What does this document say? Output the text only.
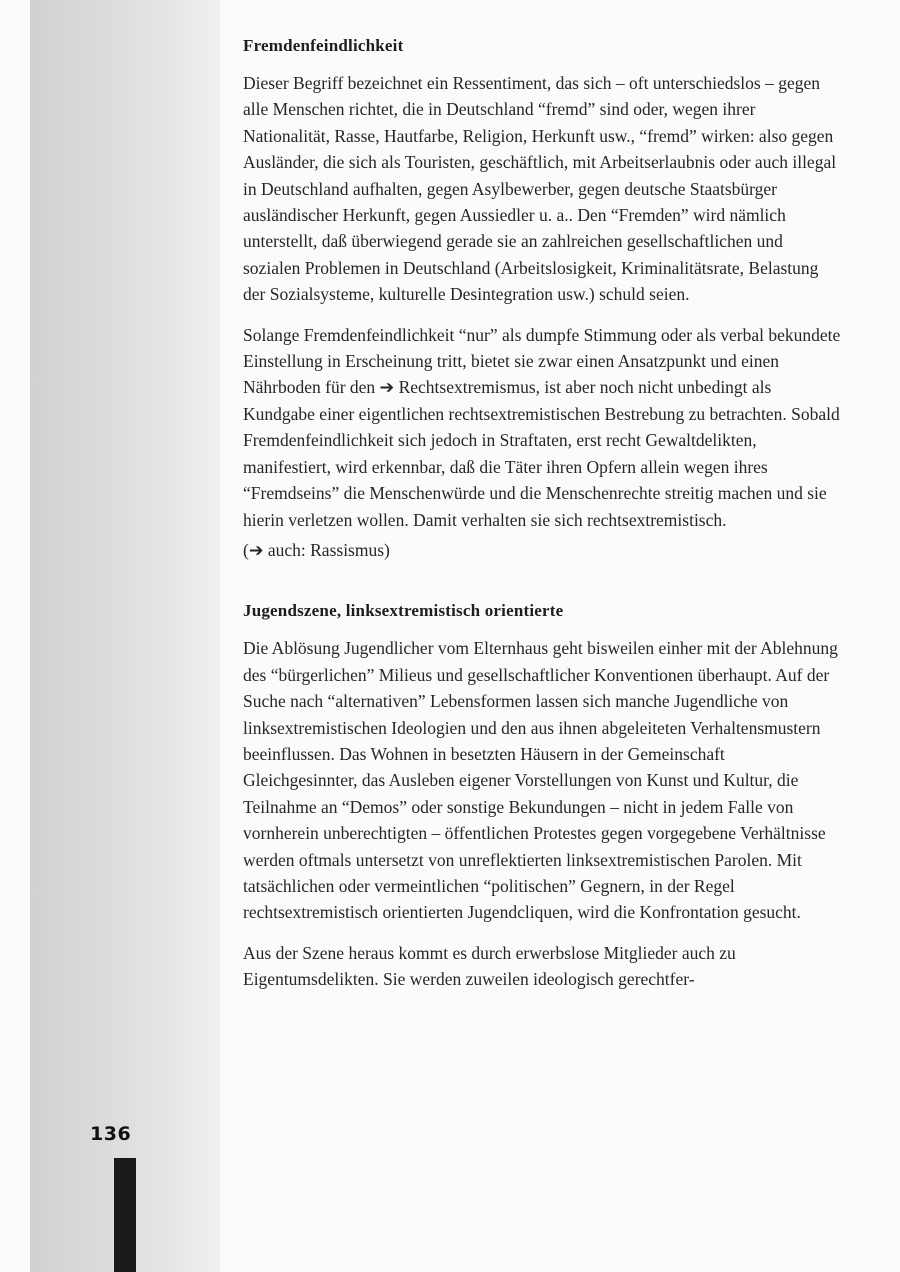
Fremdenfeindlichkeit

Dieser Begriff bezeichnet ein Ressentiment, das sich – oft unterschiedslos – gegen alle Menschen richtet, die in Deutschland “fremd” sind oder, wegen ihrer Nationalität, Rasse, Hautfarbe, Religion, Herkunft usw., “fremd” wirken: also gegen Ausländer, die sich als Touristen, geschäftlich, mit Arbeitserlaubnis oder auch illegal in Deutschland aufhalten, gegen Asylbewerber, gegen deutsche Staatsbürger ausländischer Herkunft, gegen Aussiedler u. a.. Den “Fremden” wird nämlich unterstellt, daß überwiegend gerade sie an zahlreichen gesellschaftlichen und sozialen Problemen in Deutschland (Arbeitslosigkeit, Kriminalitätsrate, Belastung der Sozialsysteme, kulturelle Desintegration usw.) schuld seien.

Solange Fremdenfeindlichkeit “nur” als dumpfe Stimmung oder als verbal bekundete Einstellung in Erscheinung tritt, bietet sie zwar einen Ansatzpunkt und einen Nährboden für den ➔ Rechtsextremismus, ist aber noch nicht unbedingt als Kundgabe einer eigentlichen rechtsextremistischen Bestrebung zu betrachten. Sobald Fremdenfeindlichkeit sich jedoch in Straftaten, erst recht Gewaltdelikten, manifestiert, wird erkennbar, daß die Täter ihren Opfern allein wegen ihres “Fremdseins” die Menschenwürde und die Menschenrechte streitig machen und sie hierin verletzen wollen. Damit verhalten sie sich rechtsextremistisch.

(➔ auch: Rassismus)

Jugendszene, linksextremistisch orientierte

Die Ablösung Jugendlicher vom Elternhaus geht bisweilen einher mit der Ablehnung des “bürgerlichen” Milieus und gesellschaftlicher Konventionen überhaupt. Auf der Suche nach “alternativen” Lebensformen lassen sich manche Jugendliche von linksextremistischen Ideologien und den aus ihnen abgeleiteten Verhaltensmustern beeinflussen. Das Wohnen in besetzten Häusern in der Gemeinschaft Gleichgesinnter, das Ausleben eigener Vorstellungen von Kunst und Kultur, die Teilnahme an “Demos” oder sonstige Bekundungen – nicht in jedem Falle von vornherein unberechtigten – öffentlichen Protestes gegen vorgegebene Verhältnisse werden oftmals untersetzt von unreflektierten linksextremistischen Parolen. Mit tatsächlichen oder vermeintlichen “politischen” Gegnern, in der Regel rechtsextremistisch orientierten Jugendcliquen, wird die Konfrontation gesucht.

Aus der Szene heraus kommt es durch erwerbslose Mitglieder auch zu Eigentumsdelikten. Sie werden zuweilen ideologisch gerechtfer-

136
